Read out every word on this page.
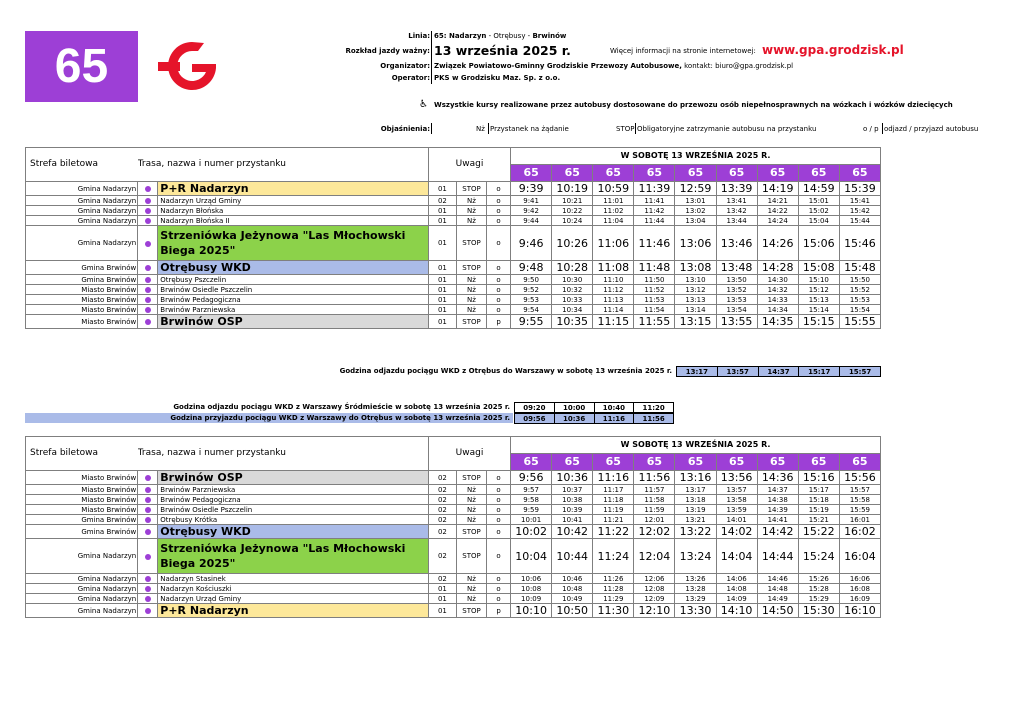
65
Linia: 65: Nadarzyn - Otrębusy - Brwinów
Rozkład jazdy ważny: 13 września 2025 r.	Więcej informacji na stronie internetowej: www.gpa.grodzisk.pl
Organizator: Związek Powiatowo-Gminny Grodziskie Przewozy Autobusowe, kontakt: biuro@gpa.grodzisk.pl
Operator: PKS w Grodzisku Maz. Sp. z o.o.
♿ Wszystkie kursy realizowane przez autobusy dostosowane do przewozu osób niepełnosprawnych na wózkach i wózków dziecięcych
Objaśnienia:	Nż Przystanek na żądanie	STOP Obligatoryjne zatrzymanie autobusu na przystanku	o / p odjazd / przyjazd autobusu
Strefa biletowa	Trasa, nazwa i numer przystanku		Uwagi			W SOBOTĘ 13 WRZEŚNIA 2025 R.								
						65	65	65	65	65	65	65	65	65
Gmina Nadarzyn		P+R Nadarzyn	01	STOP	o	9:39	10:19	10:59	11:39	12:59	13:39	14:19	14:59	15:39
Gmina Nadarzyn		Nadarzyn Urząd Gminy	02	Nż	o	9:41	10:21	11:01	11:41	13:01	13:41	14:21	15:01	15:41
Gmina Nadarzyn		Nadarzyn Błońska	01	Nż	o	9:42	10:22	11:02	11:42	13:02	13:42	14:22	15:02	15:42
Gmina Nadarzyn		Nadarzyn Błońska II	01	Nż	o	9:44	10:24	11:04	11:44	13:04	13:44	14:24	15:04	15:44
Gmina Nadarzyn		Strzeniówka Jeżynowa "Las Młochowski Biega 2025"	01	STOP	o	9:46	10:26	11:06	11:46	13:06	13:46	14:26	15:06	15:46
Gmina Brwinów		Otrębusy WKD	01	STOP	o	9:48	10:28	11:08	11:48	13:08	13:48	14:28	15:08	15:48
Gmina Brwinów		Otrębusy Pszczelin	01	Nż	o	9:50	10:30	11:10	11:50	13:10	13:50	14:30	15:10	15:50
Miasto Brwinów		Brwinów Osiedle Pszczelin	01	Nż	o	9:52	10:32	11:12	11:52	13:12	13:52	14:32	15:12	15:52
Miasto Brwinów		Brwinów Pedagogiczna	01	Nż	o	9:53	10:33	11:13	11:53	13:13	13:53	14:33	15:13	15:53
Miasto Brwinów		Brwinów Parzniewska	01	Nż	o	9:54	10:34	11:14	11:54	13:14	13:54	14:34	15:14	15:54
Miasto Brwinów		Brwinów OSP	01	STOP	p	9:55	10:35	11:15	11:55	13:15	13:55	14:35	15:15	15:55
Godzina odjazdu pociągu WKD z Otrębus do Warszawy w sobotę 13 września 2025 r. 13:17	13:57	14:37	15:17	15:57
Godzina odjazdu pociągu WKD z Warszawy Śródmieście w sobotę 13 września 2025 r. 09:20	10:00	10:40	11:20
Godzina przyjazdu pociągu WKD z Warszawy do Otrębus w sobotę 13 września 2025 r. 09:56	10:36	11:16	11:56
Strefa biletowa	Trasa, nazwa i numer przystanku		Uwagi			W SOBOTĘ 13 WRZEŚNIA 2025 R.								
						65	65	65	65	65	65	65	65	65
Miasto Brwinów		Brwinów OSP	02	STOP	o	9:56	10:36	11:16	11:56	13:16	13:56	14:36	15:16	15:56
Miasto Brwinów		Brwinów Parzniewska	02	Nż	o	9:57	10:37	11:17	11:57	13:17	13:57	14:37	15:17	15:57
Miasto Brwinów		Brwinów Pedagogiczna	02	Nż	o	9:58	10:38	11:18	11:58	13:18	13:58	14:38	15:18	15:58
Miasto Brwinów		Brwinów Osiedle Pszczelin	02	Nż	o	9:59	10:39	11:19	11:59	13:19	13:59	14:39	15:19	15:59
Gmina Brwinów		Otrębusy Krótka	02	Nż	o	10:01	10:41	11:21	12:01	13:21	14:01	14:41	15:21	16:01
Gmina Brwinów		Otrębusy WKD	02	STOP	o	10:02	10:42	11:22	12:02	13:22	14:02	14:42	15:22	16:02
Gmina Nadarzyn		Strzeniówka Jeżynowa "Las Młochowski Biega 2025"	02	STOP	o	10:04	10:44	11:24	12:04	13:24	14:04	14:44	15:24	16:04
Gmina Nadarzyn		Nadarzyn Stasinek	02	Nż	o	10:06	10:46	11:26	12:06	13:26	14:06	14:46	15:26	16:06
Gmina Nadarzyn		Nadarzyn Kościuszki	01	Nż	o	10:08	10:48	11:28	12:08	13:28	14:08	14:48	15:28	16:08
Gmina Nadarzyn		Nadarzyn Urząd Gminy	01	Nż	o	10:09	10:49	11:29	12:09	13:29	14:09	14:49	15:29	16:09
Gmina Nadarzyn		P+R Nadarzyn	01	STOP	p	10:10	10:50	11:30	12:10	13:30	14:10	14:50	15:30	16:10
